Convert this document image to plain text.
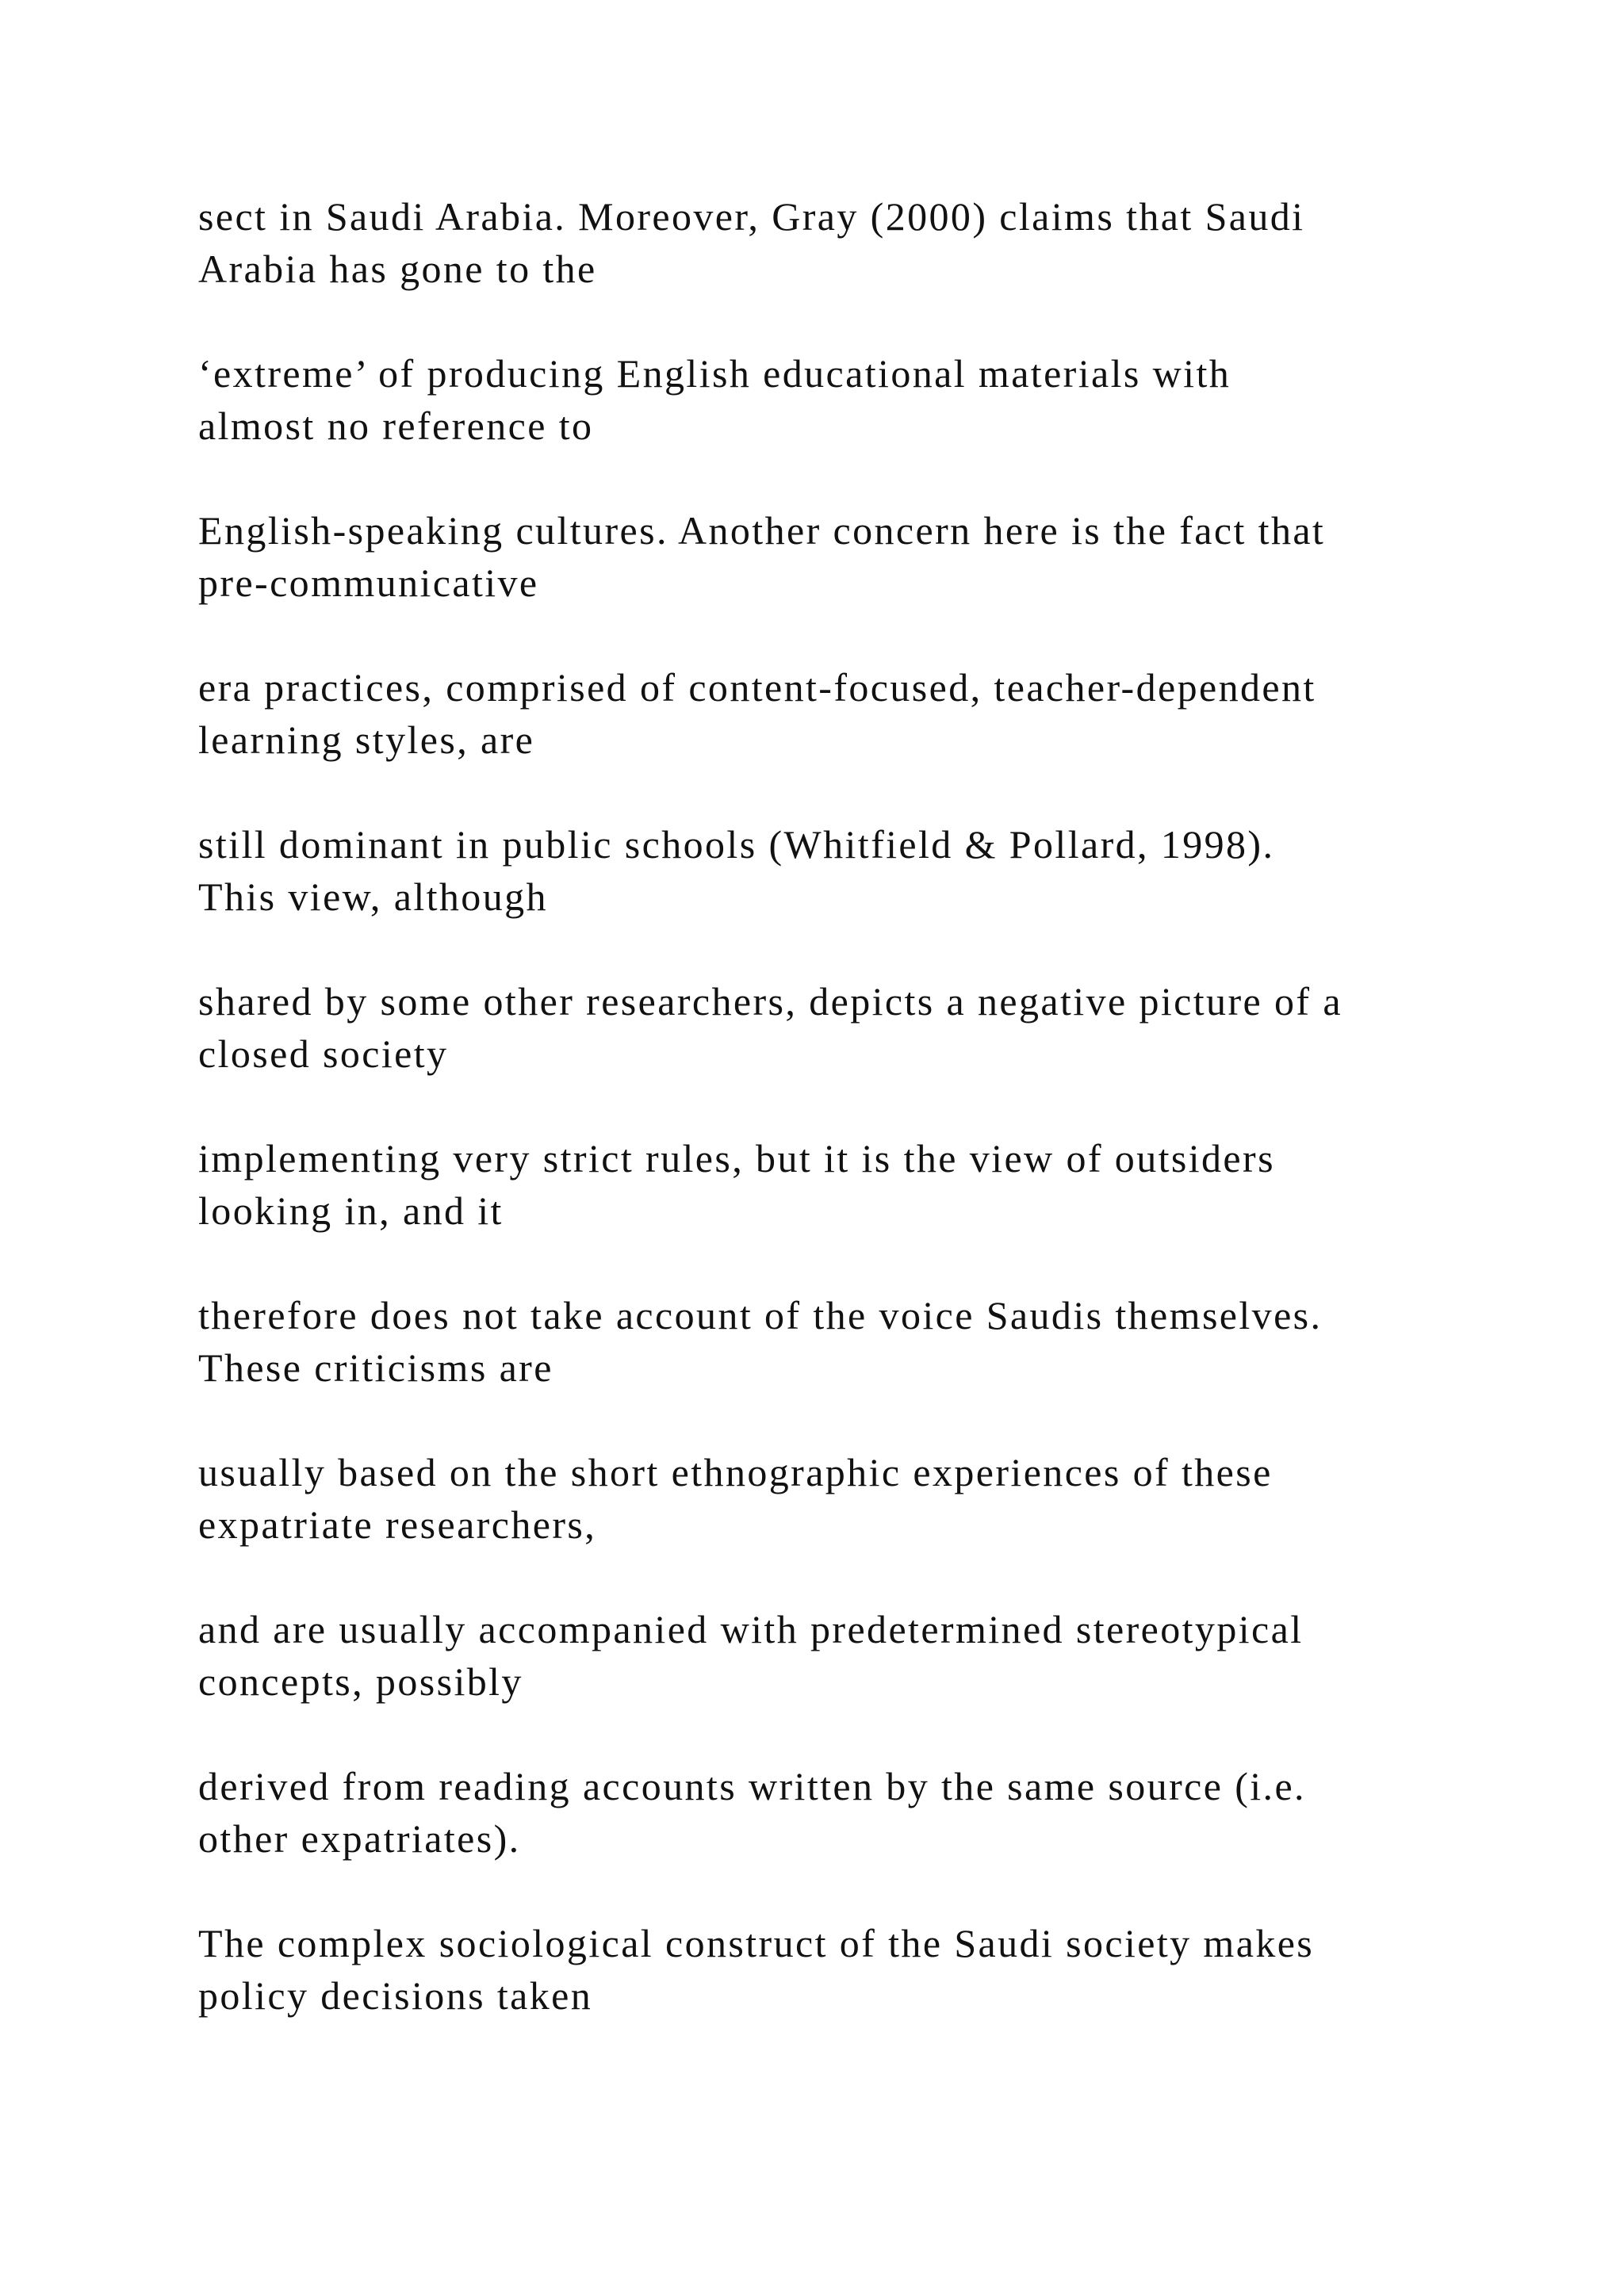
sect in Saudi Arabia. Moreover, Gray (2000) claims that Saudi
Arabia has gone to the

‘extreme’ of producing English educational materials with
almost no reference to

English-speaking cultures. Another concern here is the fact that
pre-communicative

era practices, comprised of content-focused, teacher-dependent
learning styles, are

still dominant in public schools (Whitfield & Pollard, 1998).
This view, although

shared by some other researchers, depicts a negative picture of a
closed society

implementing very strict rules, but it is the view of outsiders
looking in, and it

therefore does not take account of the voice Saudis themselves.
These criticisms are

usually based on the short ethnographic experiences of these
expatriate researchers,

and are usually accompanied with predetermined stereotypical
concepts, possibly

derived from reading accounts written by the same source (i.e.
other expatriates).

The complex sociological construct of the Saudi society makes
policy decisions taken
